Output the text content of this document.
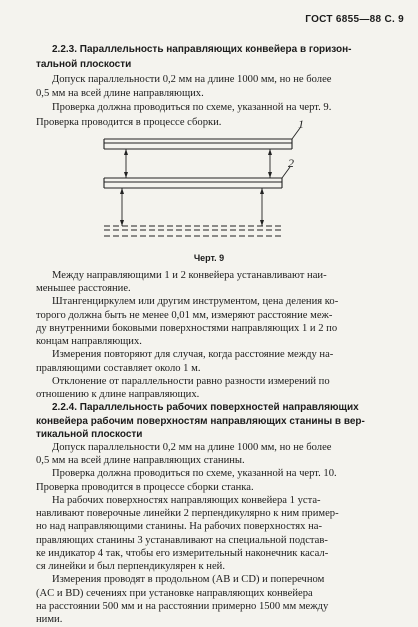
ГОСТ 6855—88 С. 9
1
2
Черт. 9
2.2.3. Параллельность направляющих конвейера в горизон-
тальной плоскости
Допуск параллельности 0,2 мм на длине 1000 мм, но не более
0,5 мм на всей длине направляющих.
Проверка должна проводиться по схеме, указанной на черт. 9.
Проверка проводится в процессе сборки.
Между направляющими 1 и 2 конвейера устанавливают наи-
меньшее расстояние.
Штангенциркулем или другим инструментом, цена деления ко-
торого должна быть не менее 0,01 мм, измеряют расстояние меж-
ду внутренними боковыми поверхностями направляющих 1 и 2 по
концам направляющих.
Измерения повторяют для случая, когда расстояние между на-
правляющими составляет около 1 м.
Отклонение от параллельности равно разности измерений по
отношению к длине направляющих.
2.2.4. Параллельность рабочих поверхностей направляющих
конвейера рабочим поверхностям направляющих станины в вер-
тикальной плоскости
Допуск параллельности 0,2 мм на длине 1000 мм, но не более
0,5 мм на всей длине направляющих станины.
Проверка должна проводиться по схеме, указанной на черт. 10.
Проверка проводится в процессе сборки станка.
На рабочих поверхностях направляющих конвейера 1 уста-
навливают поверочные линейки 2 перпендикулярно к ним пример-
но над направляющими станины. На рабочих поверхностях на-
правляющих станины 3 устанавливают на специальной подстав-
ке индикатор 4 так, чтобы его измерительный наконечник касал-
ся линейки и был перпендикулярен к ней.
Измерения проводят в продольном (AB и CD) и поперечном
(AC и BD) сечениях при установке направляющих конвейера
на расстоянии 500 мм и на расстоянии примерно 1500 мм между
ними.
